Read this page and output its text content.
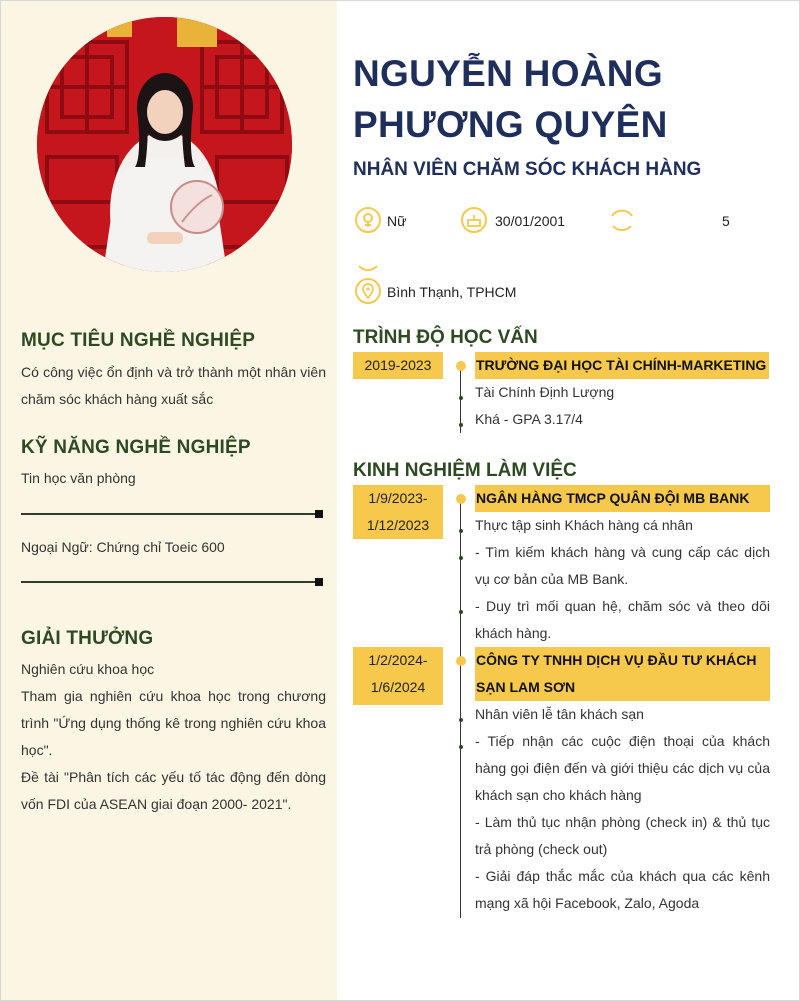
MỤC TIÊU NGHỀ NGHIỆP

Có công việc ổn định và trở thành một nhân viên chăm sóc khách hàng xuất sắc

KỸ NĂNG NGHỀ NGHIỆP

Tin học văn phòng

Ngoại Ngữ: Chứng chỉ Toeic 600

GIẢI THƯỞNG

Nghiên cứu khoa học

Tham gia nghiên cứu khoa học trong chương trình "Ứng dụng thống kê trong nghiên cứu khoa học".

Đề tài "Phân tích các yếu tố tác động đến dòng vốn FDI của ASEAN giai đoạn 2000- 2021".

NGUYỄN HOÀNG
PHƯƠNG QUYÊN
NHÂN VIÊN CHĂM SÓC KHÁCH HÀNG
Nữ	30/01/2001	5
Bình Thạnh, TPHCM
TRÌNH ĐỘ HỌC VẤN
2019-2023	TRƯỜNG ĐẠI HỌC TÀI CHÍNH-MARKETING

Tài Chính Định Lượng

Khá - GPA 3.17/4

KINH NGHIỆM LÀM VIỆC
1/9/2023-
1/12/2023
NGÂN HÀNG TMCP QUÂN ĐỘI MB BANK

Thực tập sinh Khách hàng cá nhân

- Tìm kiếm khách hàng và cung cấp các dịch vụ cơ bản của MB Bank.

- Duy trì mối quan hệ, chăm sóc và theo dõi khách hàng.

1/2/2024-
1/6/2024
CÔNG TY TNHH DỊCH VỤ ĐẦU TƯ KHÁCH
SẠN LAM SƠN

Nhân viên lễ tân khách sạn

- Tiếp nhận các cuộc điện thoại của khách hàng gọi điện đến và giới thiệu các dịch vụ của khách sạn cho khách hàng

- Làm thủ tục nhận phòng (check in) & thủ tục trả phòng (check out)

- Giải đáp thắc mắc của khách qua các kênh mạng xã hội Facebook, Zalo, Agoda
